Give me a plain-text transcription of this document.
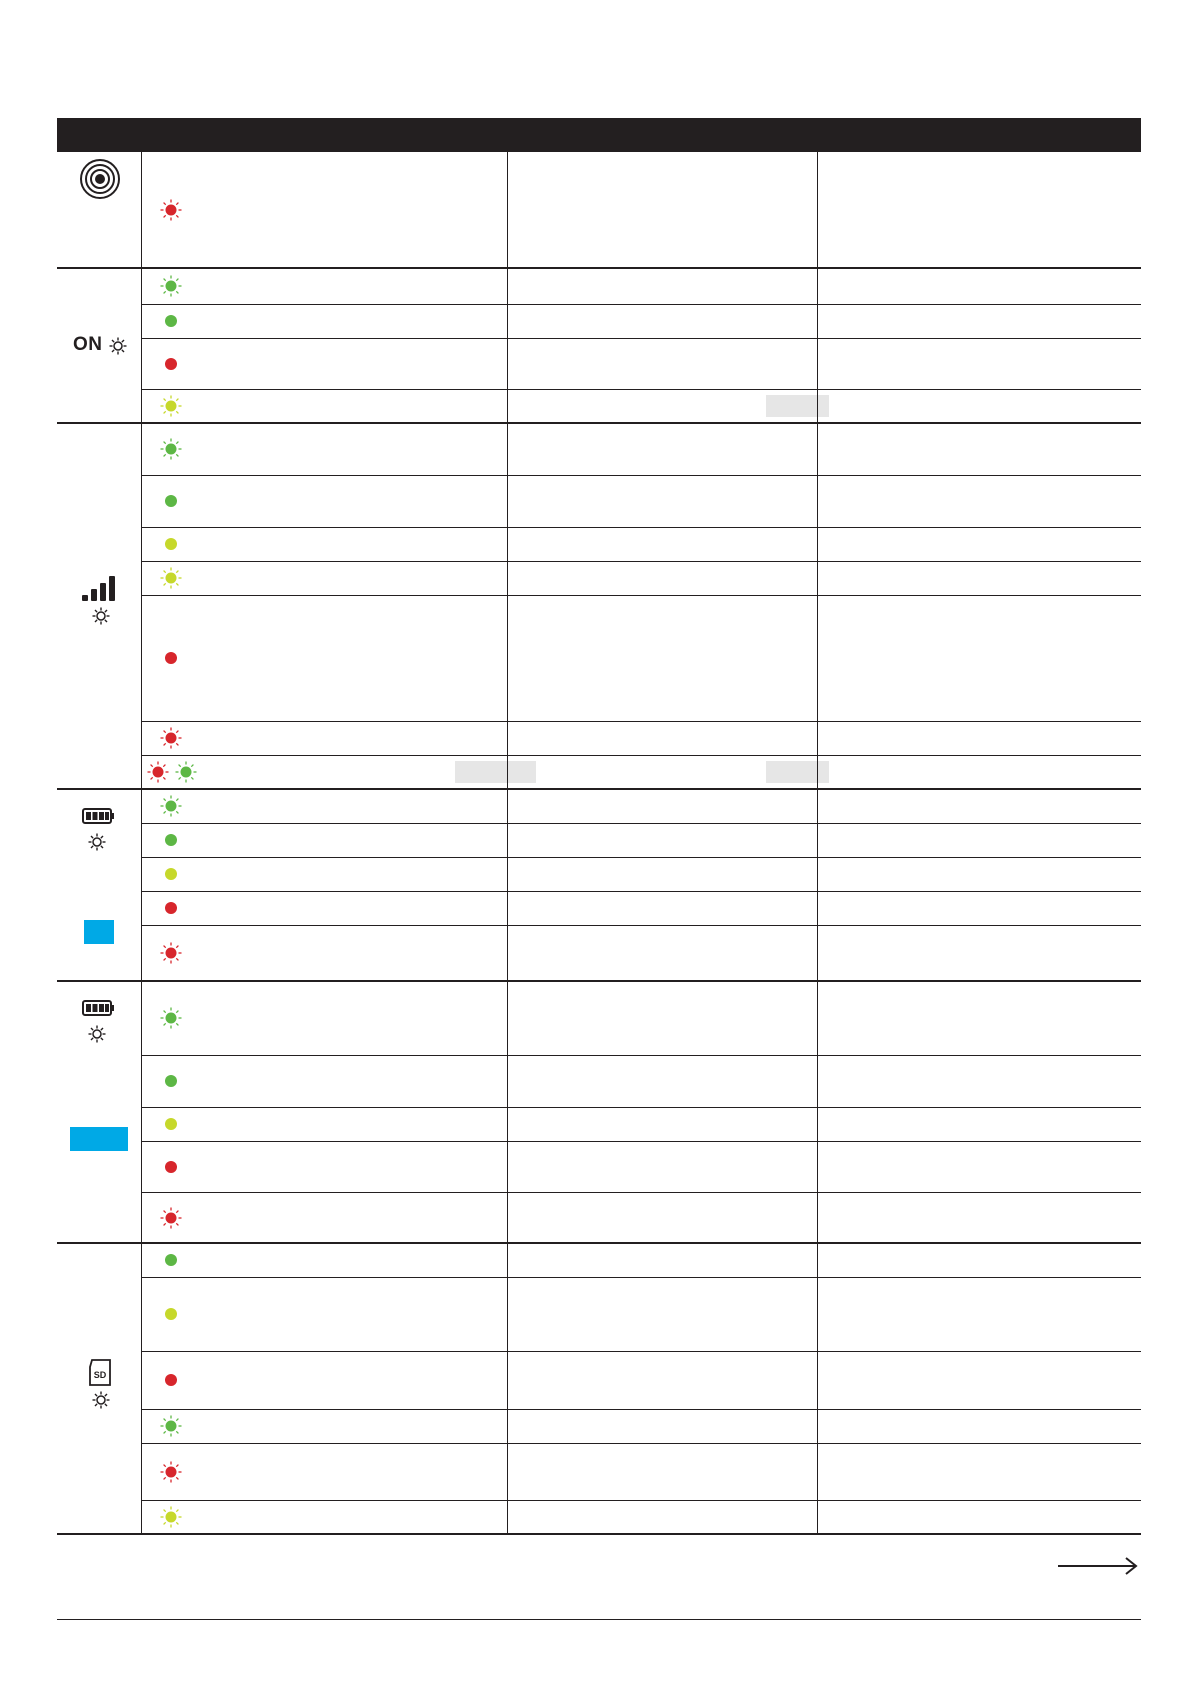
ON
SD
